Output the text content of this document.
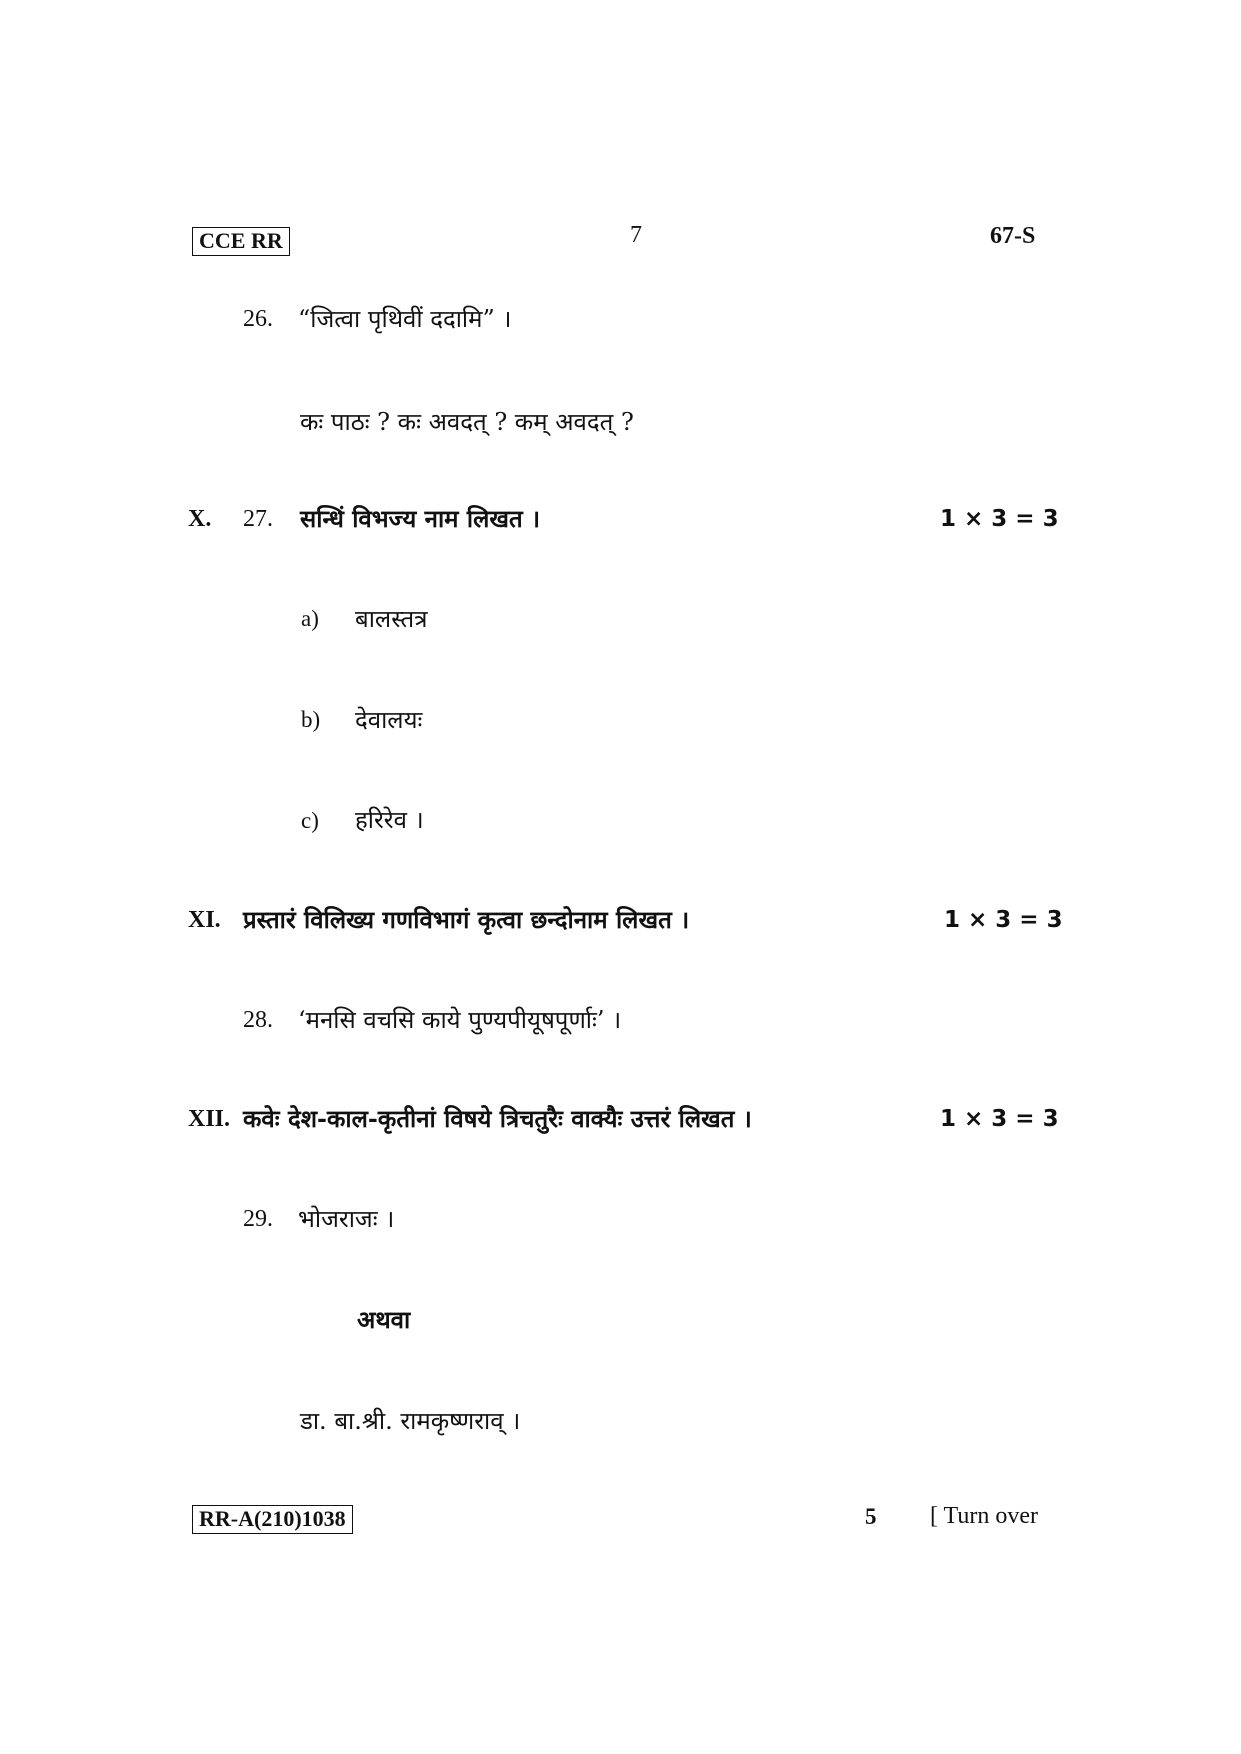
CCE RR	7	67-S
26. “जित्वा पृथिवीं ददामि” ।
कः पाठः ? कः अवदत् ? कम् अवदत् ?
X. 27. सन्धिं विभज्य नाम लिखत ।	1 × 3 = 3
a) बालस्तत्र
b) देवालयः
c) हरिरेव ।
XI. प्रस्तारं विलिख्य गणविभागं कृत्वा छन्दोनाम लिखत ।	1 × 3 = 3
28. ‘मनसि वचसि काये पुण्यपीयूषपूर्णाः’ ।
XII. कवेः देश-काल-कृतीनां विषये त्रिचतुरैः वाक्यैः उत्तरं लिखत ।	1 × 3 = 3
29. भोजराजः ।
अथवा
डा. बा.श्री. रामकृष्णराव् ।
RR-A(210)1038	5 [ Turn over
